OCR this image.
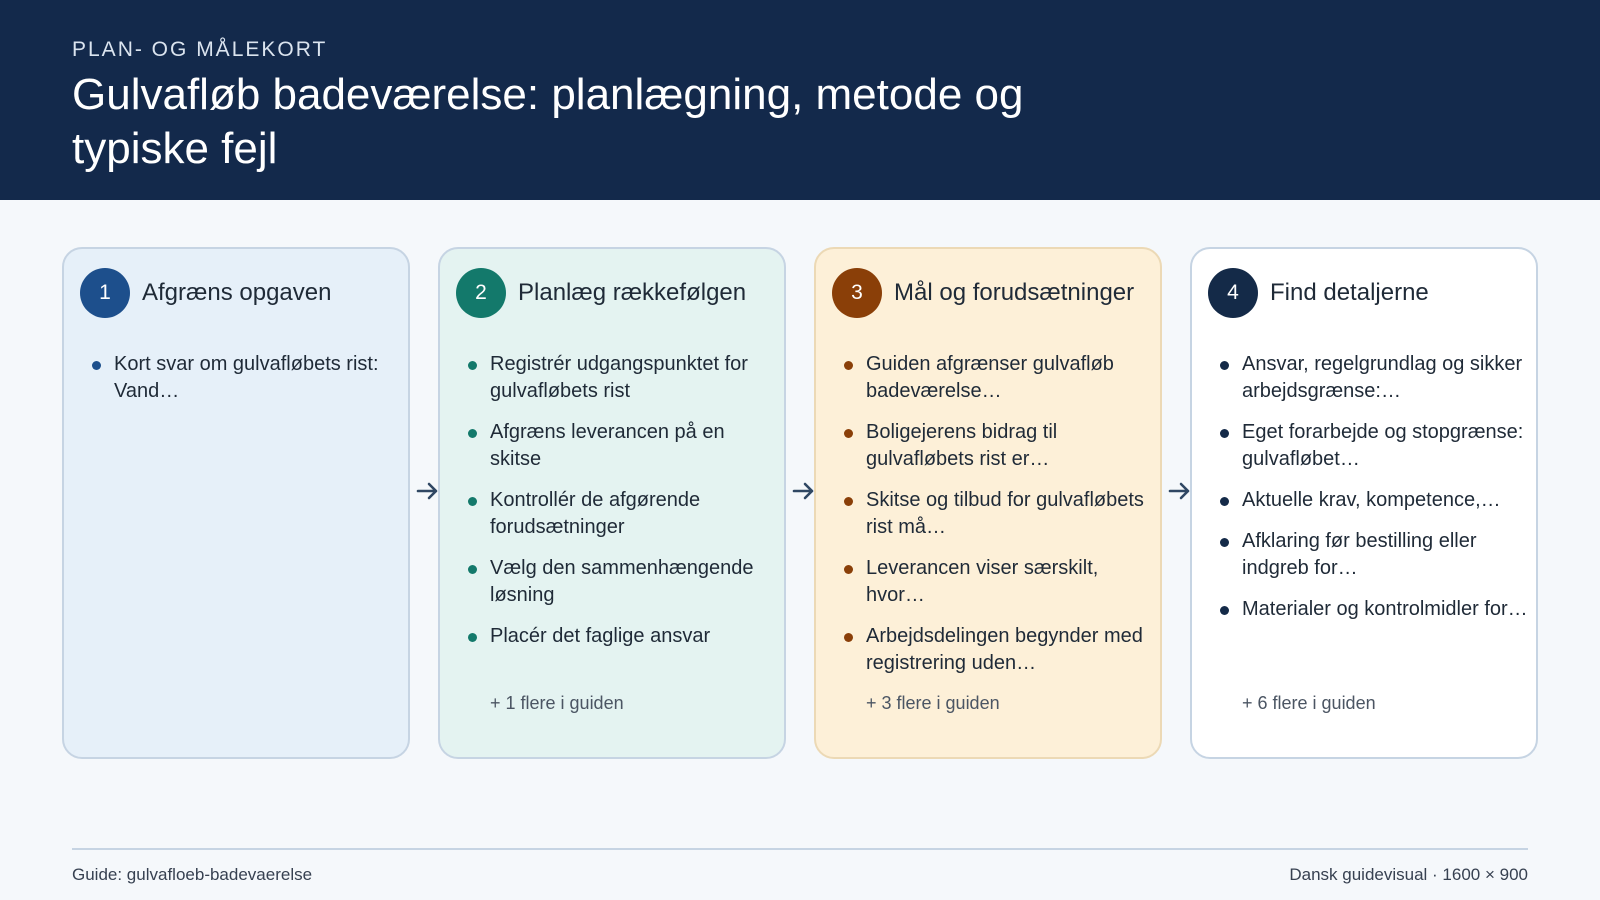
PLAN- OG MÅLEKORT
Gulvafløb badeværelse: planlægning, metode og typiske fejl
1	Afgræns opgaven
Kort svar om gulvafløbets rist: Vand…
2	Planlæg rækkefølgen
Registrér udgangspunktet for gulvafløbets rist
Afgræns leverancen på en skitse
Kontrollér de afgørende forudsætninger
Vælg den sammenhængende løsning
Placér det faglige ansvar
+ 1 flere i guiden
3	Mål og forudsætninger
Guiden afgrænser gulvafløb badeværelse…
Boligejerens bidrag til gulvafløbets rist er…
Skitse og tilbud for gulvafløbets rist må…
Leverancen viser særskilt, hvor…
Arbejdsdelingen begynder med registrering uden…
+ 3 flere i guiden
4	Find detaljerne
Ansvar, regelgrundlag og sikker arbejdsgrænse:…
Eget forarbejde og stopgrænse: gulvafløbet…
Aktuelle krav, kompetence,…
Afklaring før bestilling eller indgreb for…
Materialer og kontrolmidler for…
+ 6 flere i guiden
Guide: gulvafloeb-badevaerelse	Dansk guidevisual · 1600 × 900
